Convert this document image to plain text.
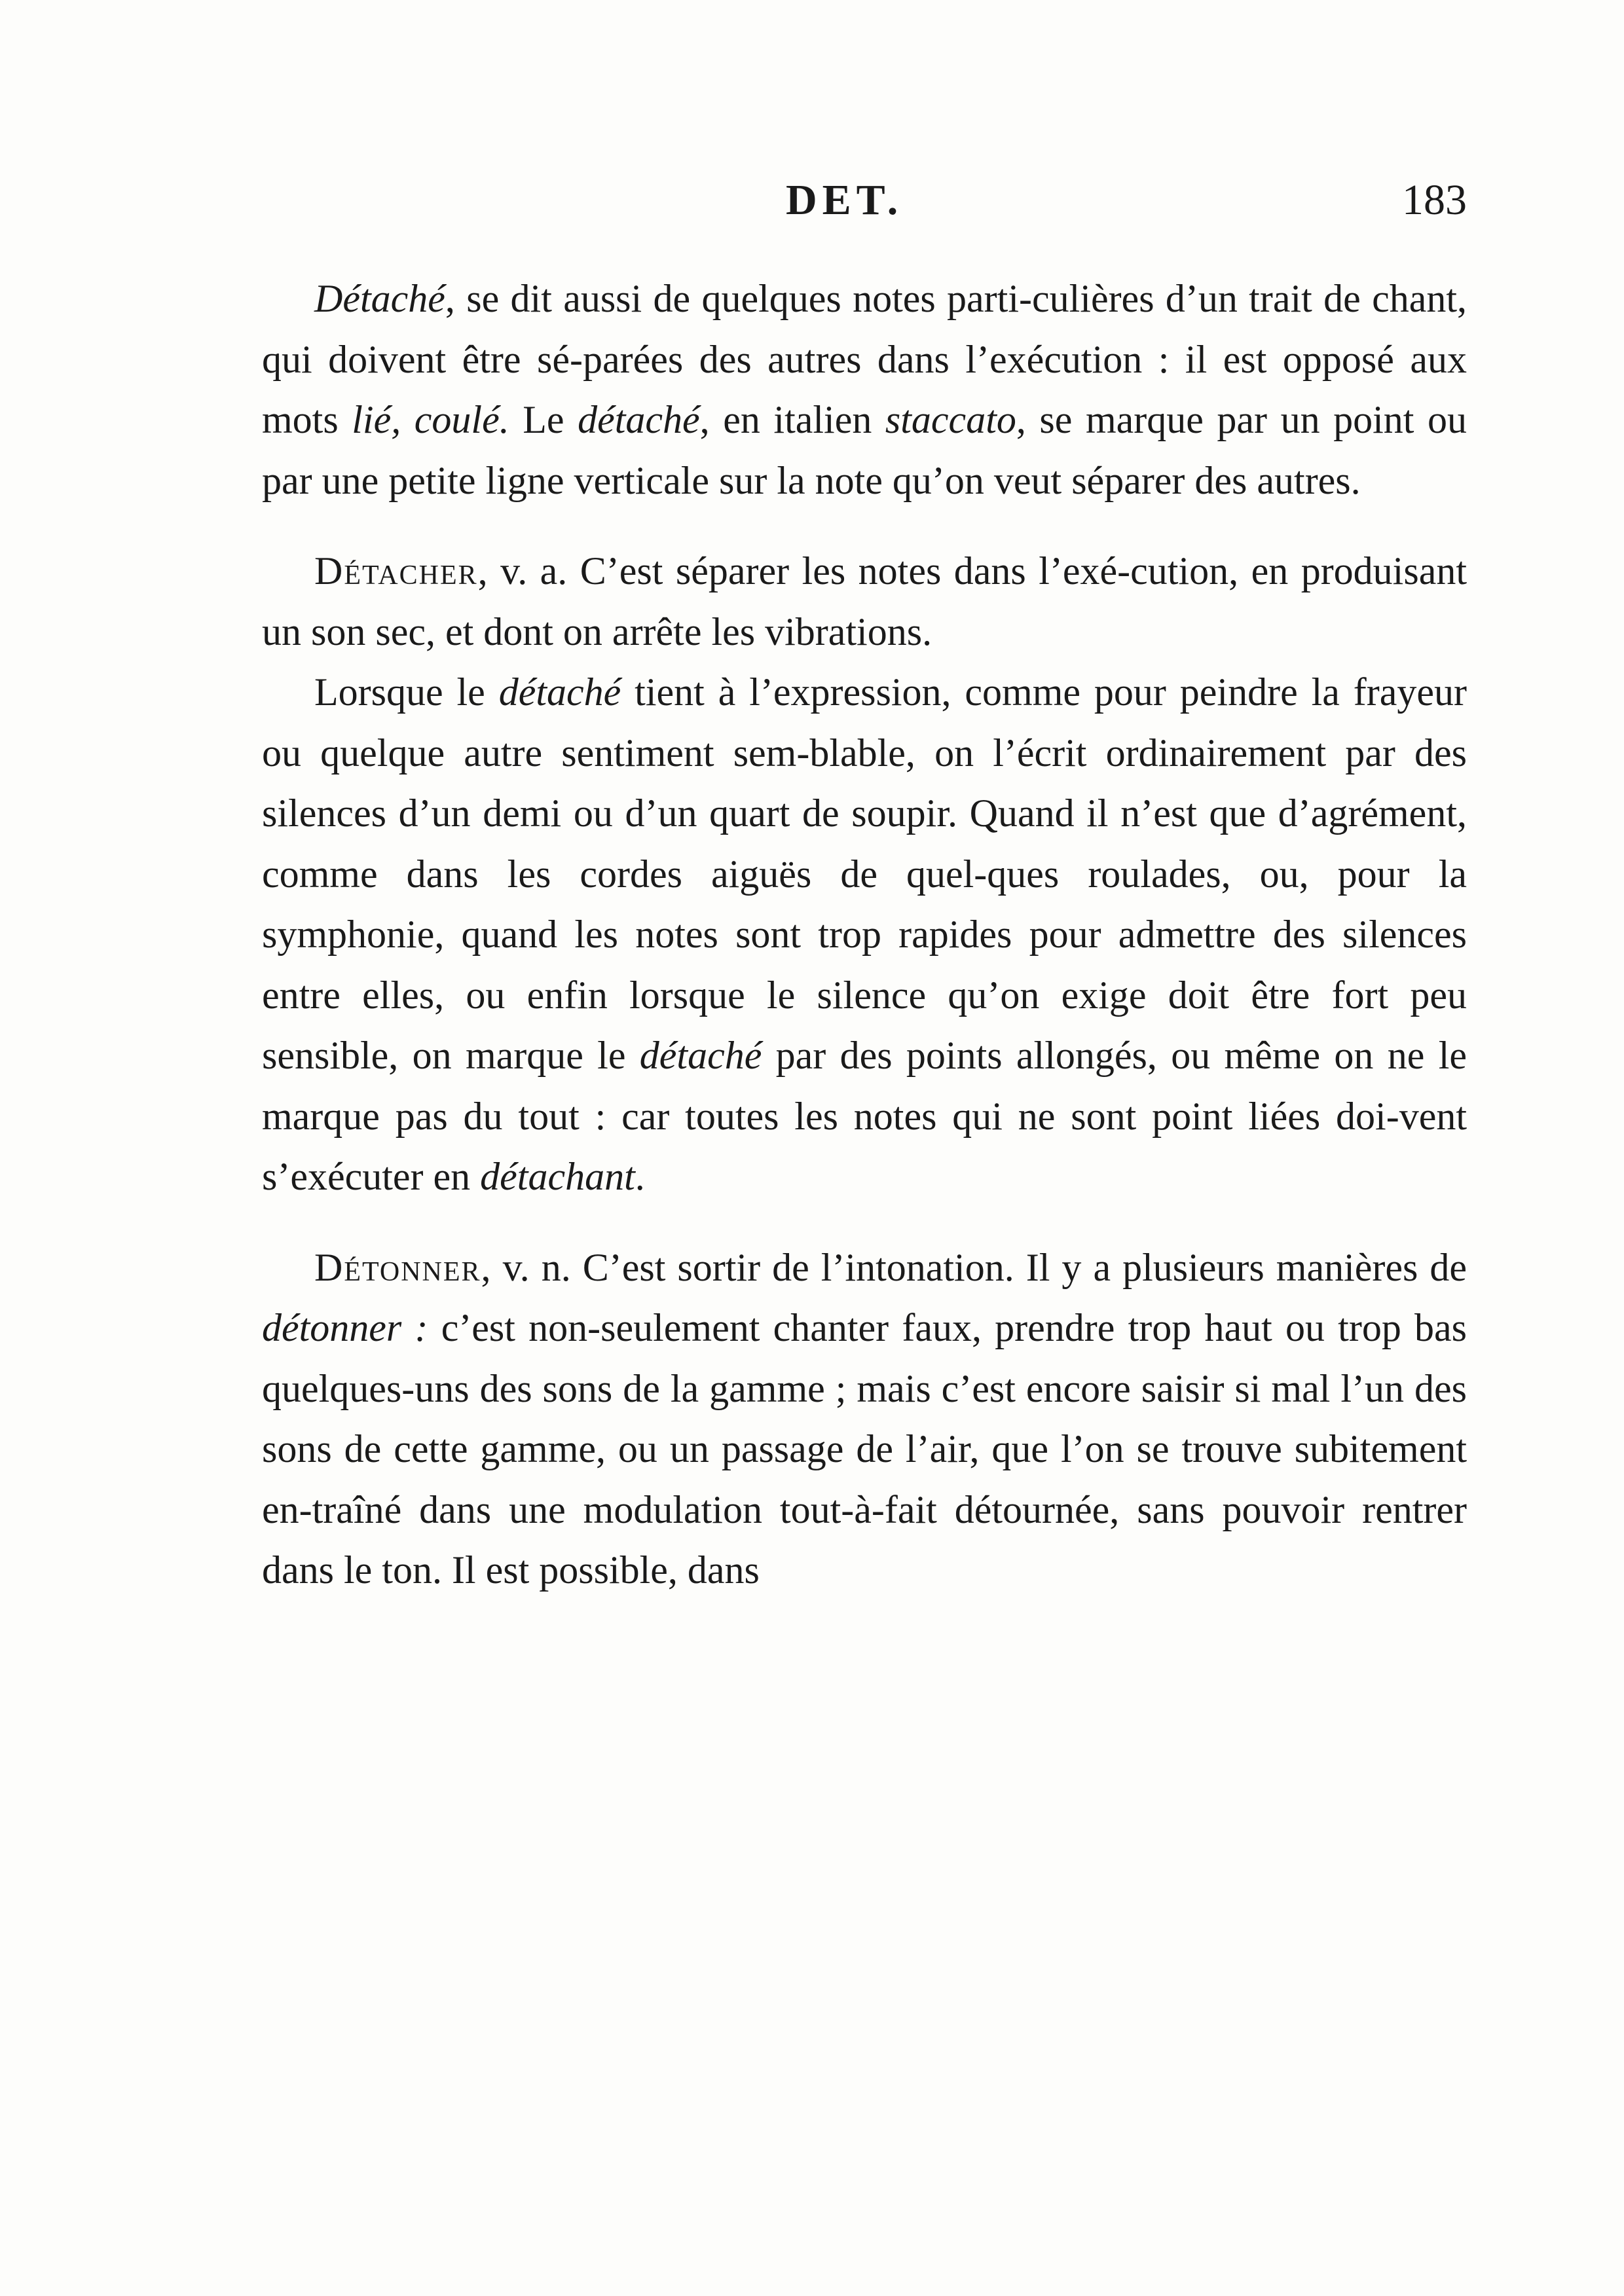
DET.	183

Détaché, se dit aussi de quelques notes parti-culières d’un trait de chant, qui doivent être sé-parées des autres dans l’exécution : il est opposé aux mots lié, coulé. Le détaché, en italien staccato, se marque par un point ou par une petite ligne verticale sur la note qu’on veut séparer des autres.

Détacher, v. a. C’est séparer les notes dans l’exé-cution, en produisant un son sec, et dont on arrête les vibrations.

Lorsque le détaché tient à l’expression, comme pour peindre la frayeur ou quelque autre sentiment sem-blable, on l’écrit ordinairement par des silences d’un demi ou d’un quart de soupir. Quand il n’est que d’agrément, comme dans les cordes aiguës de quel-ques roulades, ou, pour la symphonie, quand les notes sont trop rapides pour admettre des silences entre elles, ou enfin lorsque le silence qu’on exige doit être fort peu sensible, on marque le détaché par des points allongés, ou même on ne le marque pas du tout : car toutes les notes qui ne sont point liées doi-vent s’exécuter en détachant.

Détonner, v. n. C’est sortir de l’intonation. Il y a plusieurs manières de détonner : c’est non-seulement chanter faux, prendre trop haut ou trop bas quelques-uns des sons de la gamme ; mais c’est encore saisir si mal l’un des sons de cette gamme, ou un passage de l’air, que l’on se trouve subitement en-traîné dans une modulation tout-à-fait détournée, sans pouvoir rentrer dans le ton. Il est possible, dans
